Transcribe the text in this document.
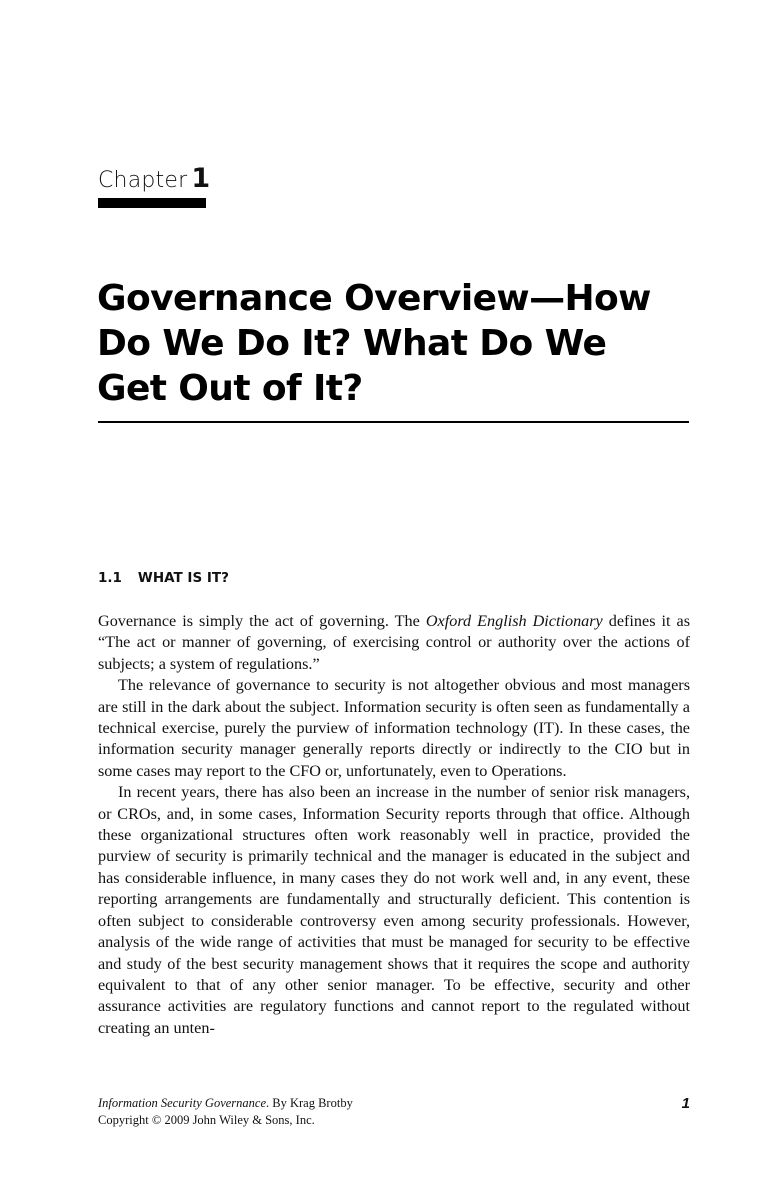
Chapter 1
Governance Overview—How
Do We Do It? What Do We
Get Out of It?
1.1 WHAT IS IT?

Governance is simply the act of governing. The Oxford English Dictionary defines it as “The act or manner of governing, of exercising control or authority over the actions of subjects; a system of regulations.”

The relevance of governance to security is not altogether obvious and most managers are still in the dark about the subject. Information security is often seen as fundamentally a technical exercise, purely the purview of information technology (IT). In these cases, the information security manager generally reports directly or indirectly to the CIO but in some cases may report to the CFO or, unfortunately, even to Operations.

In recent years, there has also been an increase in the number of senior risk managers, or CROs, and, in some cases, Information Security reports through that office. Although these organizational structures often work reasonably well in practice, provided the purview of security is primarily technical and the manager is educated in the subject and has considerable influence, in many cases they do not work well and, in any event, these reporting arrangements are fundamentally and structurally deficient. This contention is often subject to considerable controversy even among security professionals. However, analysis of the wide range of activities that must be managed for security to be effective and study of the best security management shows that it requires the scope and authority equivalent to that of any other senior manager. To be effective, security and other assurance activities are regulatory functions and cannot report to the regulated without creating an unten-

Information Security Governance. By Krag Brotby
Copyright © 2009 John Wiley & Sons, Inc.
1
